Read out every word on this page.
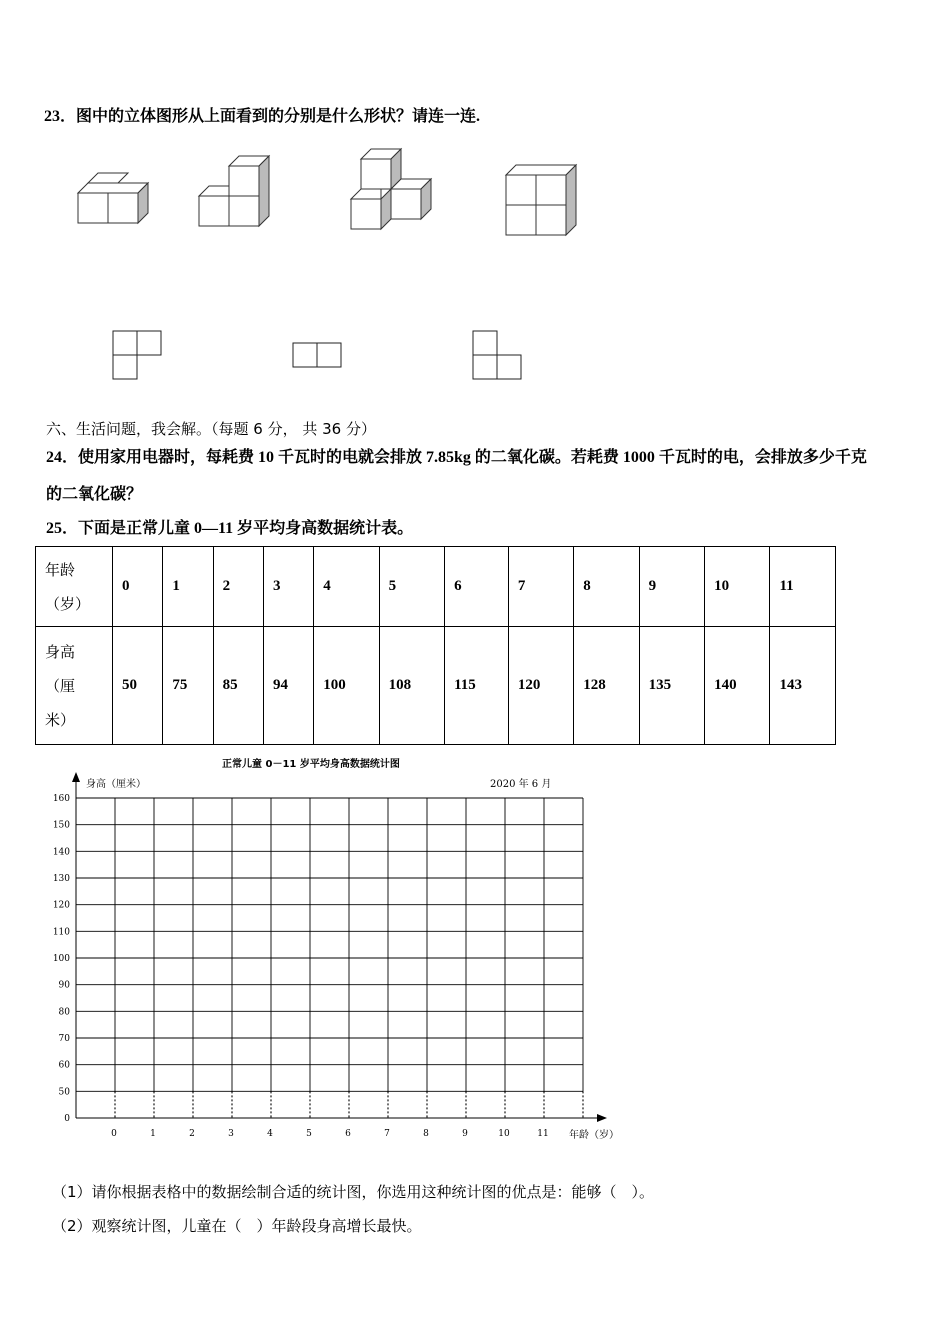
23．图中的立体图形从上面看到的分别是什么形状？请连一连.
六、生活问题，我会解。（每题 6 分， 共 36 分）
24．使用家用电器时，每耗费 10 千瓦时的电就会排放 7.85kg 的二氧化碳。若耗费 1000 千瓦时的电，会排放多少千克
的二氧化碳？
25．下面是正常儿童 0—11 岁平均身高数据统计表。
年龄
（岁）	0	1	2	3	4	5	6	7	8	9	10	11

身高
（厘
米）	50	75	85	94	100	108	115	120	128	135	140	143
正常儿童 0－11 岁平均身高数据统计图
身高（厘米）	2020 年 6 月
年龄（岁）
0
50
60
70
80
90
100
110
120
130
140
150
160
0	1	2	3	4	5	6	7	8	9	10	11
（1）请你根据表格中的数据绘制合适的统计图，你选用这种统计图的优点是：能够（　）。
（2）观察统计图，儿童在（　）年龄段身高增长最快。
